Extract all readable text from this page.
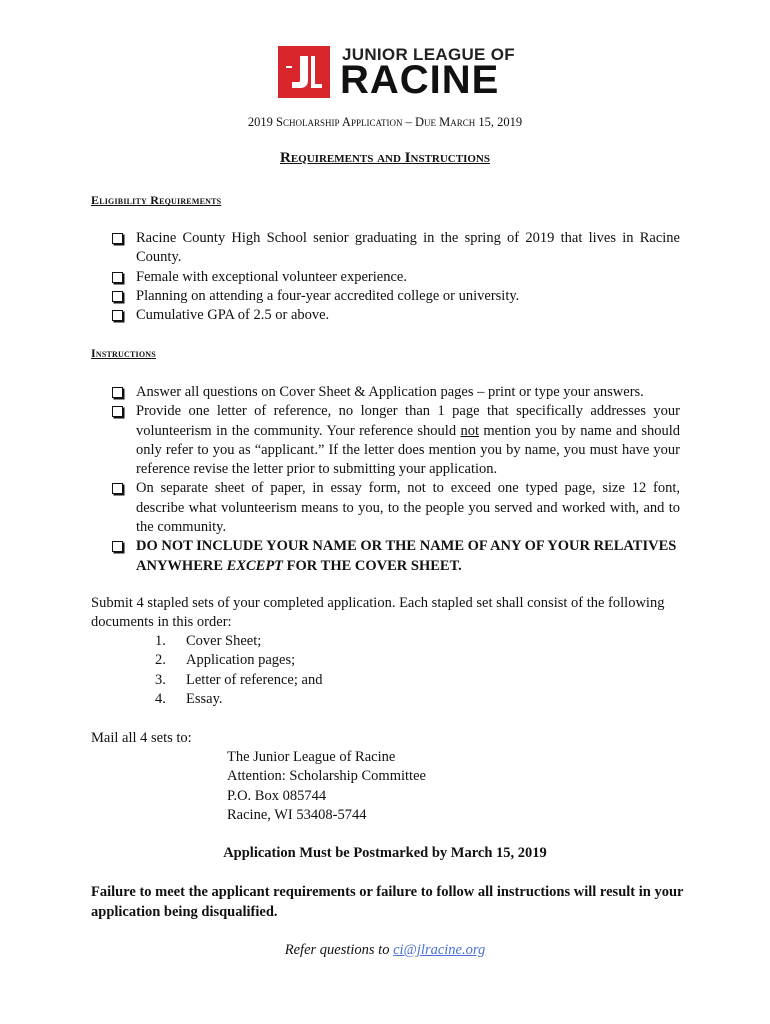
JUNIOR LEAGUE OF
RACINE
2019 Scholarship Application – Due March 15, 2019
Requirements and Instructions
Eligibility Requirements
Racine County High School senior graduating in the spring of 2019 that lives in Racine County.
Female with exceptional volunteer experience.
Planning on attending a four-year accredited college or university.
Cumulative GPA of 2.5 or above.
Instructions
Answer all questions on Cover Sheet & Application pages – print or type your answers.
Provide one letter of reference, no longer than 1 page that specifically addresses your volunteerism in the community. Your reference should not mention you by name and should only refer to you as “applicant.” If the letter does mention you by name, you must have your reference revise the letter prior to submitting your application.
On separate sheet of paper, in essay form, not to exceed one typed page, size 12 font, describe what volunteerism means to you, to the people you served and worked with, and to the community.
DO NOT INCLUDE YOUR NAME OR THE NAME OF ANY OF YOUR RELATIVES ANYWHERE EXCEPT FOR THE COVER SHEET.
Submit 4 stapled sets of your completed application. Each stapled set shall consist of the following documents in this order:
1. Cover Sheet;
2. Application pages;
3. Letter of reference; and
4. Essay.
Mail all 4 sets to:
The Junior League of Racine
Attention: Scholarship Committee
P.O. Box 085744
Racine, WI 53408-5744
Application Must be Postmarked by March 15, 2019
Failure to meet the applicant requirements or failure to follow all instructions will result in your application being disqualified.
Refer questions to ci@jlracine.org
